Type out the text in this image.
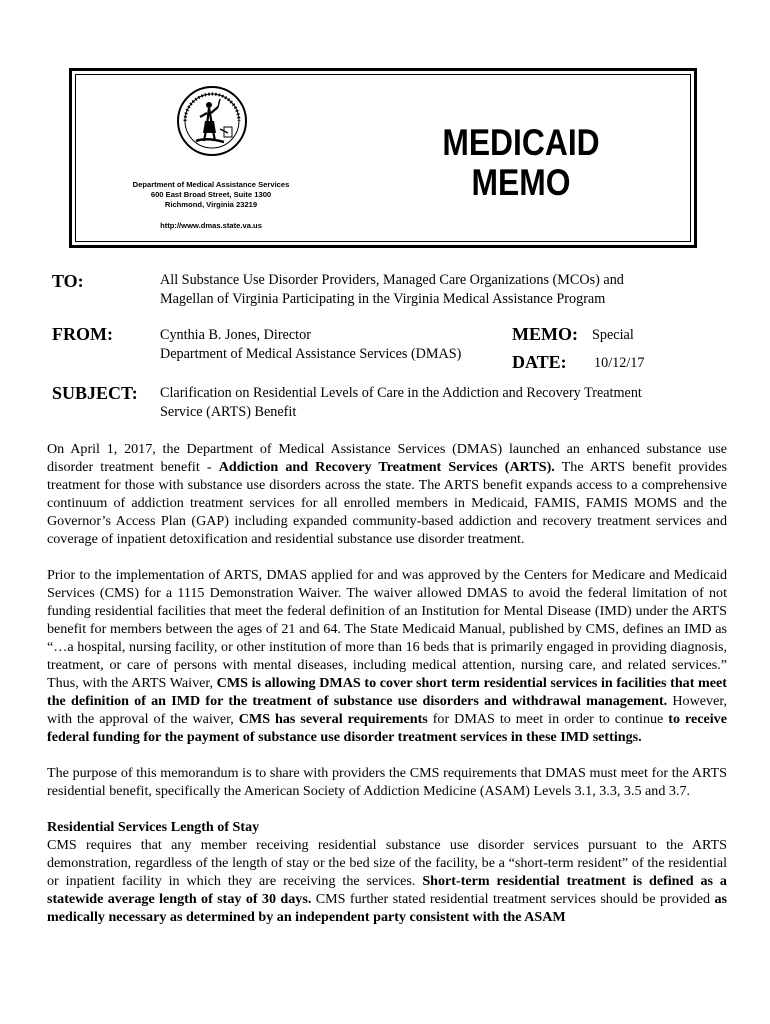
Department of Medical Assistance Services
600 East Broad Street, Suite 1300
Richmond, Virginia 23219
http://www.dmas.state.va.us
MEDICAID
MEMO
TO:	All Substance Use Disorder Providers, Managed Care Organizations (MCOs) and
Magellan of Virginia Participating in the Virginia Medical Assistance Program
FROM:	Cynthia B. Jones, Director
Department of Medical Assistance Services (DMAS)
MEMO: Special
DATE: 10/12/17
SUBJECT: Clarification on Residential Levels of Care in the Addiction and Recovery Treatment
Service (ARTS) Benefit

On April 1, 2017, the Department of Medical Assistance Services (DMAS) launched an enhanced substance use disorder treatment benefit - Addiction and Recovery Treatment Services (ARTS). The ARTS benefit provides treatment for those with substance use disorders across the state. The ARTS benefit expands access to a comprehensive continuum of addiction treatment services for all enrolled members in Medicaid, FAMIS, FAMIS MOMS and the Governor’s Access Plan (GAP) including expanded community-based addiction and recovery treatment services and coverage of inpatient detoxification and residential substance use disorder treatment.

Prior to the implementation of ARTS, DMAS applied for and was approved by the Centers for Medicare and Medicaid Services (CMS) for a 1115 Demonstration Waiver. The waiver allowed DMAS to avoid the federal limitation of not funding residential facilities that meet the federal definition of an Institution for Mental Disease (IMD) under the ARTS benefit for members between the ages of 21 and 64. The State Medicaid Manual, published by CMS, defines an IMD as “…a hospital, nursing facility, or other institution of more than 16 beds that is primarily engaged in providing diagnosis, treatment, or care of persons with mental diseases, including medical attention, nursing care, and related services.” Thus, with the ARTS Waiver, CMS is allowing DMAS to cover short term residential services in facilities that meet the definition of an IMD for the treatment of substance use disorders and withdrawal management. However, with the approval of the waiver, CMS has several requirements for DMAS to meet in order to continue to receive federal funding for the payment of substance use disorder treatment services in these IMD settings.

The purpose of this memorandum is to share with providers the CMS requirements that DMAS must meet for the ARTS residential benefit, specifically the American Society of Addiction Medicine (ASAM) Levels 3.1, 3.3, 3.5 and 3.7.

Residential Services Length of Stay

CMS requires that any member receiving residential substance use disorder services pursuant to the ARTS demonstration, regardless of the length of stay or the bed size of the facility, be a “short-term resident” of the residential or inpatient facility in which they are receiving the services. Short-term residential treatment is defined as a statewide average length of stay of 30 days. CMS further stated residential treatment services should be provided as medically necessary as determined by an independent party consistent with the ASAM
